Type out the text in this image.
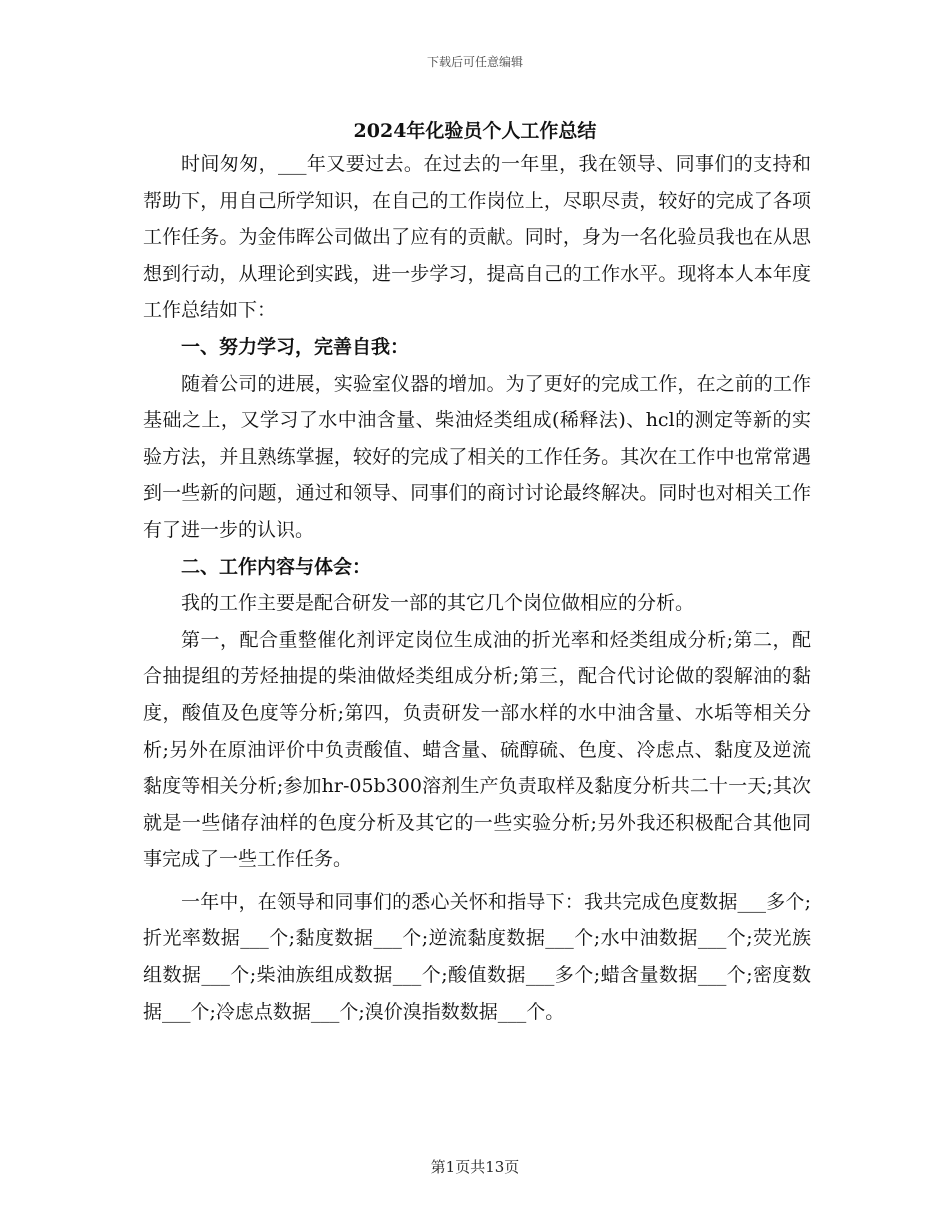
下载后可任意编辑
2024年化验员个人工作总结

时间匆匆，___年又要过去。在过去的一年里，我在领导、同事们的支持和帮助下，用自己所学知识，在自己的工作岗位上，尽职尽责，较好的完成了各项工作任务。为金伟晖公司做出了应有的贡献。同时，身为一名化验员我也在从思想到行动，从理论到实践，进一步学习，提高自己的工作水平。现将本人本年度工作总结如下：

一、努力学习，完善自我：

随着公司的进展，实验室仪器的增加。为了更好的完成工作，在之前的工作基础之上，又学习了水中油含量、柴油烃类组成(稀释法)、hcl的测定等新的实验方法，并且熟练掌握，较好的完成了相关的工作任务。其次在工作中也常常遇到一些新的问题，通过和领导、同事们的商讨讨论最终解决。同时也对相关工作有了进一步的认识。

二、工作内容与体会：

我的工作主要是配合研发一部的其它几个岗位做相应的分析。

第一，配合重整催化剂评定岗位生成油的折光率和烃类组成分析;第二，配合抽提组的芳烃抽提的柴油做烃类组成分析;第三，配合代讨论做的裂解油的黏度，酸值及色度等分析;第四，负责研发一部水样的水中油含量、水垢等相关分析;另外在原油评价中负责酸值、蜡含量、硫醇硫、色度、冷虑点、黏度及逆流黏度等相关分析;参加hr-05b300溶剂生产负责取样及黏度分析共二十一天;其次就是一些储存油样的色度分析及其它的一些实验分析;另外我还积极配合其他同事完成了一些工作任务。

一年中，在领导和同事们的悉心关怀和指导下：我共完成色度数据___多个;折光率数据___个;黏度数据___个;逆流黏度数据___个;水中油数据___个;荧光族组数据___个;柴油族组成数据___个;酸值数据___多个;蜡含量数据___个;密度数据___个;冷虑点数据___个;溴价溴指数数据___个。

第1页共13页
